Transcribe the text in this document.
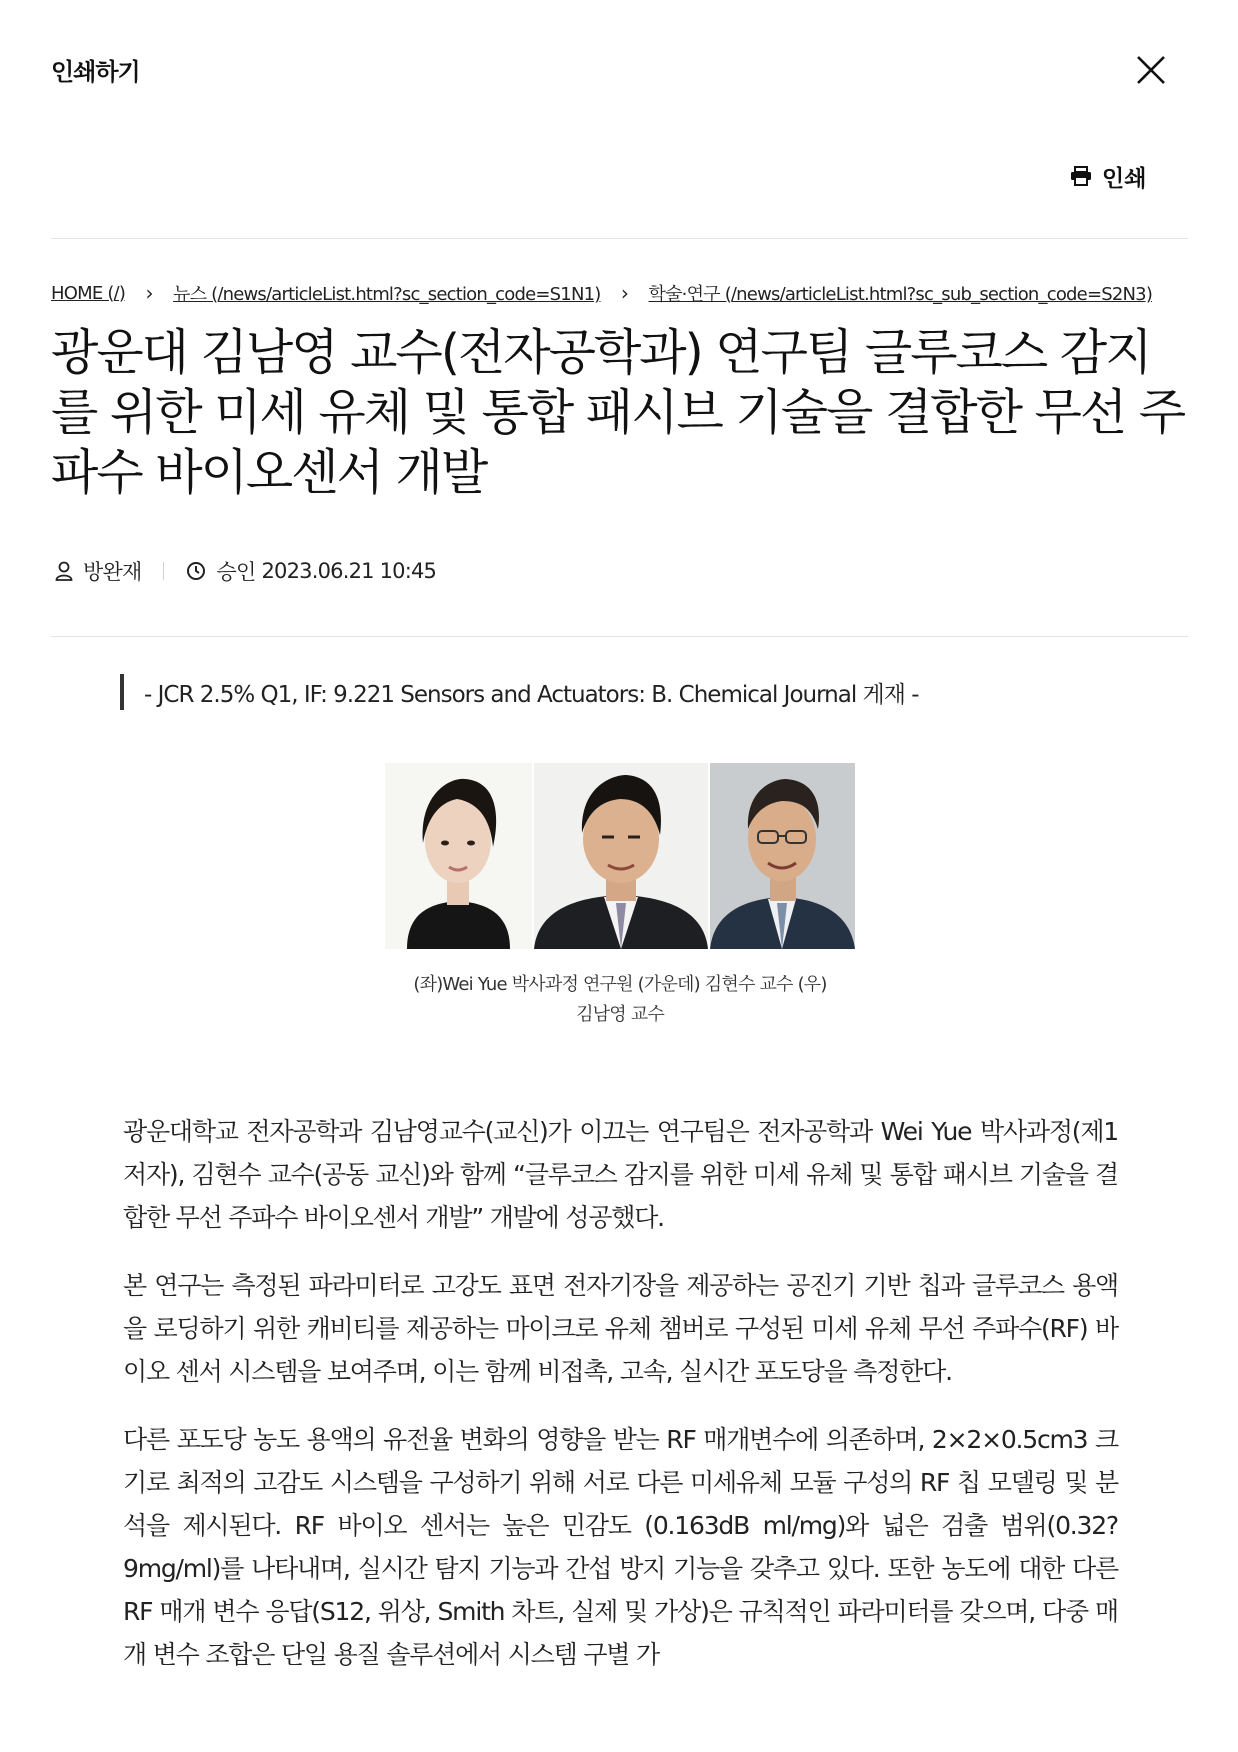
인쇄하기
인쇄
HOME (/)	›	뉴스 (/news/articleList.html?sc_section_code=S1N1)	›	학술·연구 (/news/articleList.html?sc_sub_section_code=S2N3)
광운대 김남영 교수(전자공학과) 연구팀 글루코스 감지를 위한 미세 유체 및 통합 패시브 기술을 결합한 무선 주파수 바이오센서 개발
방완재	승인 2023.06.21 10:45
- JCR 2.5% Q1, IF: 9.221 Sensors and Actuators: B. Chemical Journal 게재 -
(좌)Wei Yue 박사과정 연구원 (가운데) 김현수 교수 (우)
김남영 교수

광운대학교 전자공학과 김남영교수(교신)가 이끄는 연구팀은 전자공학과 Wei Yue 박사과정(제1저자), 김현수 교수(공동 교신)와 함께 “글루코스 감지를 위한 미세 유체 및 통합 패시브 기술을 결합한 무선 주파수 바이오센서 개발” 개발에 성공했다.

본 연구는 측정된 파라미터로 고강도 표면 전자기장을 제공하는 공진기 기반 칩과 글루코스 용액을 로딩하기 위한 캐비티를 제공하는 마이크로 유체 챔버로 구성된 미세 유체 무선 주파수(RF) 바이오 센서 시스템을 보여주며, 이는 함께 비접촉, 고속, 실시간 포도당을 측정한다.

다른 포도당 농도 용액의 유전율 변화의 영향을 받는 RF 매개변수에 의존하며, 2×2×0.5cm3 크기로 최적의 고감도 시스템을 구성하기 위해 서로 다른 미세유체 모듈 구성의 RF 칩 모델링 및 분석을 제시된다. RF 바이오 센서는 높은 민감도 (0.163dB ml/mg)와 넓은 검출 범위(0.32?9mg/ml)를 나타내며, 실시간 탐지 기능과 간섭 방지 기능을 갖추고 있다. 또한 농도에 대한 다른 RF 매개 변수 응답(S12, 위상, Smith 차트, 실제 및 가상)은 규칙적인 파라미터를 갖으며, 다중 매개 변수 조합은 단일 용질 솔루션에서 시스템 구별 가
